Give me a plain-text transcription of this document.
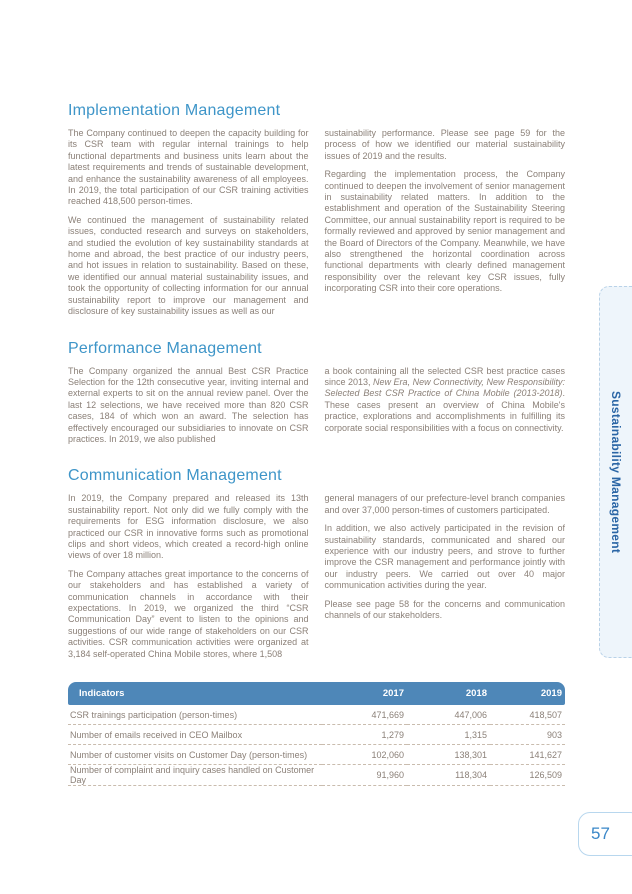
Implementation Management

The Company continued to deepen the capacity building for its CSR team with regular internal trainings to help functional departments and business units learn about the latest requirements and trends of sustainable development, and enhance the sustainability awareness of all employees. In 2019, the total participation of our CSR training activities reached 418,500 person-times.

We continued the management of sustainability related issues, conducted research and surveys on stakeholders, and studied the evolution of key sustainability standards at home and abroad, the best practice of our industry peers, and hot issues in relation to sustainability. Based on these, we identified our annual material sustainability issues, and took the opportunity of collecting information for our annual sustainability report to improve our management and disclosure of key sustainability issues as well as our

sustainability performance. Please see page 59 for the process of how we identified our material sustainability issues of 2019 and the results.

Regarding the implementation process, the Company continued to deepen the involvement of senior management in sustainability related matters. In addition to the establishment and operation of the Sustainability Steering Committee, our annual sustainability report is required to be formally reviewed and approved by senior management and the Board of Directors of the Company. Meanwhile, we have also strengthened the horizontal coordination across functional departments with clearly defined management responsibility over the relevant key CSR issues, fully incorporating CSR into their core operations.

Performance Management

The Company organized the annual Best CSR Practice Selection for the 12th consecutive year, inviting internal and external experts to sit on the annual review panel. Over the last 12 selections, we have received more than 820 CSR cases, 184 of which won an award. The selection has effectively encouraged our subsidiaries to innovate on CSR practices. In 2019, we also published

a book containing all the selected CSR best practice cases since 2013, New Era, New Connectivity, New Responsibility: Selected Best CSR Practice of China Mobile (2013-2018). These cases present an overview of China Mobile's practice, explorations and accomplishments in fulfilling its corporate social responsibilities with a focus on connectivity.

Communication Management

In 2019, the Company prepared and released its 13th sustainability report. Not only did we fully comply with the requirements for ESG information disclosure, we also practiced our CSR in innovative forms such as promotional clips and short videos, which created a record-high online views of over 18 million.

The Company attaches great importance to the concerns of our stakeholders and has established a variety of communication channels in accordance with their expectations. In 2019, we organized the third “CSR Communication Day” event to listen to the opinions and suggestions of our wide range of stakeholders on our CSR activities. CSR communication activities were organized at 3,184 self-operated China Mobile stores, where 1,508

general managers of our prefecture-level branch companies and over 37,000 person-times of customers participated.

In addition, we also actively participated in the revision of sustainability standards, communicated and shared our experience with our industry peers, and strove to further improve the CSR management and performance jointly with our industry peers. We carried out over 40 major communication activities during the year.

Please see page 58 for the concerns and communication channels of our stakeholders.

Indicators	2017	2018	2019
CSR trainings participation (person-times)	471,669	447,006	418,507
Number of emails received in CEO Mailbox	1,279	1,315	903
Number of customer visits on Customer Day (person-times)	102,060	138,301	141,627
Number of complaint and inquiry cases handled on Customer Day	91,960	118,304	126,509
Sustainability Management
57
